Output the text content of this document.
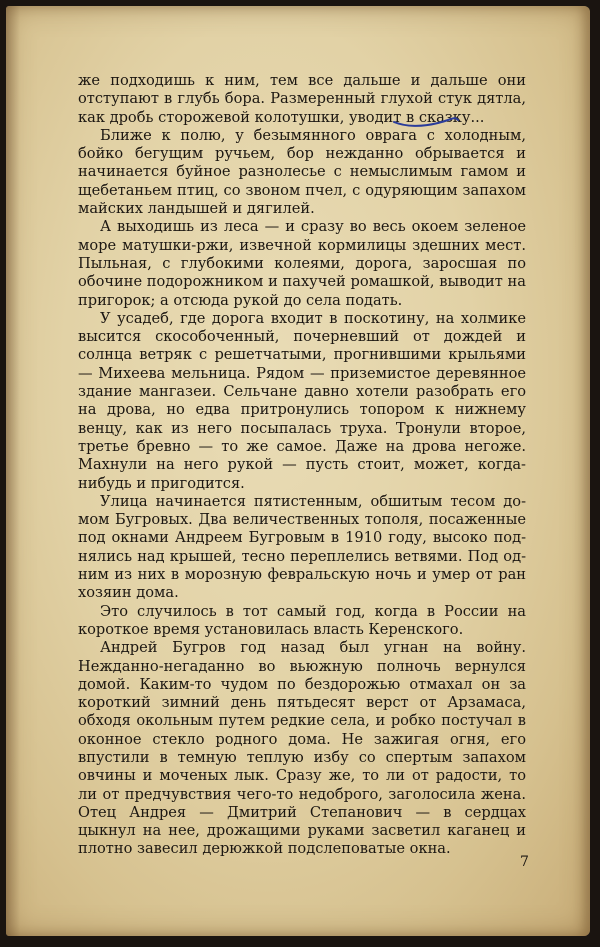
же подходишь к ним, тем все дальше и дальше они отступают в глубь бора. Размеренный глухой стук дятла, как дробь сторожевой колотушки, уводит в сказку...

Ближе к полю, у безымянного оврага с холодным, бойко бегущим ручьем, бор нежданно обрывается и начинается буйное разнолесье с немыслимым гамом и щебетаньем птиц, со звоном пчел, с одуряющим запахом майских ландышей и дягилей.

А выходишь из леса — и сразу во весь окоем зеленое море матушки-ржи, извечной кормилицы здешних мест. Пыльная, с глубокими колеями, дорога, заросшая по обочине подорожником и пахучей ромашкой, выводит на пригорок; а отсюда рукой до села подать.

У усадеб, где дорога входит в поскотину, на холмике высится скособоченный, почерневший от дождей и солнца ветряк с решетчатыми, прогнившими крыльями — Михеева мельница. Рядом — приземистое деревянное здание мангазеи. Сельчане давно хотели разобрать его на дрова, но едва притронулись топором к нижнему венцу, как из него посыпалась труха. Тронули второе, третье бревно — то же самое. Даже на дрова негоже. Махнули на него рукой — пусть стоит, может, когда-нибудь и пригодится.

Улица начинается пятистенным, обшитым тесом домом Бугровых. Два величественных тополя, посаженные под окнами Андреем Бугровым в 1910 году, высоко поднялись над крышей, тесно переплелись ветвями. Под одним из них в морозную февральскую ночь и умер от ран хозяин дома.

Это случилось в тот самый год, когда в России на короткое время установилась власть Керенского.

Андрей Бугров год назад был угнан на войну. Нежданно-негаданно во вьюжную полночь вернулся домой. Каким-то чудом по бездорожью отмахал он за короткий зимний день пятьдесят верст от Арзамаса, обходя окольным путем редкие села, и робко постучал в оконное стекло родного дома. Не зажигая огня, его впустили в темную теплую избу со спертым запахом овчины и моченых лык. Сразу же, то ли от радости, то ли от предчувствия чего-то недоброго, заголосила жена. Отец Андрея — Дмитрий Степанович — в сердцах цыкнул на нее, дрожащими руками засветил каганец и плотно завесил дерюжкой подслеповатые окна.

7
